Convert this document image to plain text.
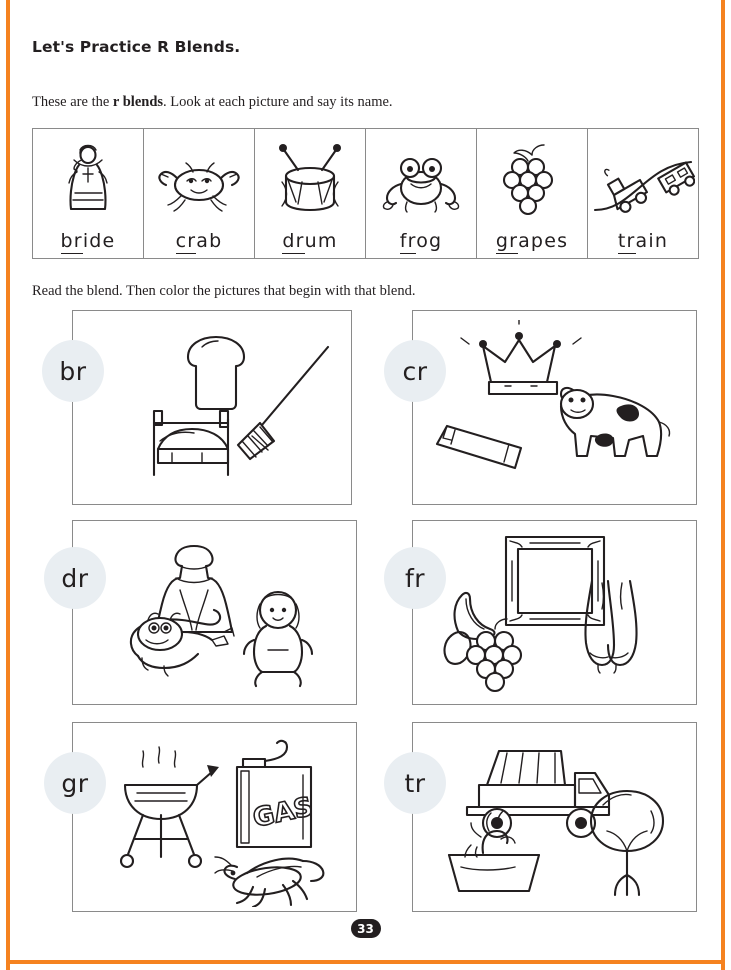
Let's Practice R Blends.
These are the r blends. Look at each picture and say its name.
bride	crab	drum	frog	grapes	train
Read the blend. Then color the pictures that begin with that blend.
br	cr
dr	fr
GAS
gr	tr
33
